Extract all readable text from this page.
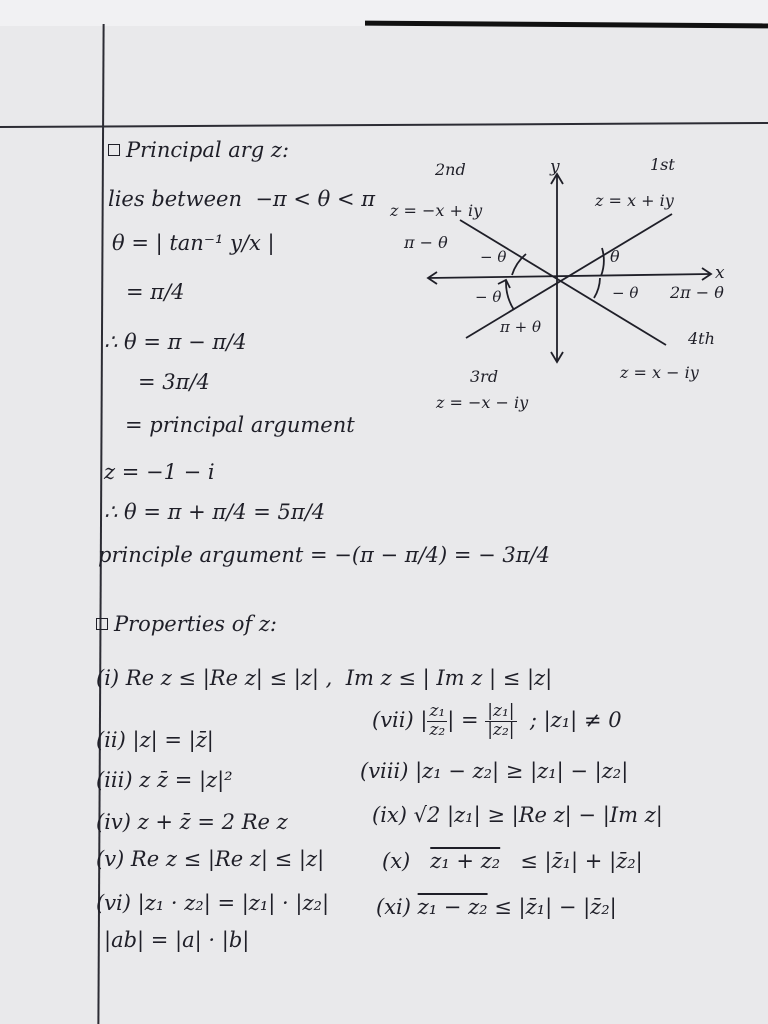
Principal arg z:
lies between  −π < θ < π
θ = | tan⁻¹ y/x |
= π/4
∴ θ = π − π/4
= 3π/4
= principal argument
z = −1 − i
∴ θ = π + π/4 = 5π/4
principle argument = −(π − π/4) = − 3π/4
2nd	1st
y
x
z = −x + iy
z = x + iy
π − θ
− θ	θ
− θ	− θ 2π − θ
π + θ
4th
3rd	z = x − iy
z = −x − iy
Properties of z:
(i) Re z ≤ |Re z| ≤ |z| ,  Im z ≤ | Im z | ≤ |z|
(ii) |z| = |z̄|
(iii) z z̄ = |z|²
(iv) z + z̄ = 2 Re z
(v) Re z ≤ |Re z| ≤ |z|
(vi) |z₁ · z₂| = |z₁| · |z₂|
|ab| = |a| · |b|
(vii) | $\frac{\text{z₁}}{\text{z₂}}$ | = $\frac{\text{|z₁|}}{\text{|z₂|}}$ ; |z₁| ≠ 0
(viii) |z₁ − z₂| ≥ |z₁| − |z₂|
(ix) √2 |z₁| ≥ |Re z| − |Im z|
(x) z₁ + z₂ ≤ |z̄₁| + |z̄₂|
(xi) z₁ − z₂ ≤ |z̄₁| − |z̄₂|
